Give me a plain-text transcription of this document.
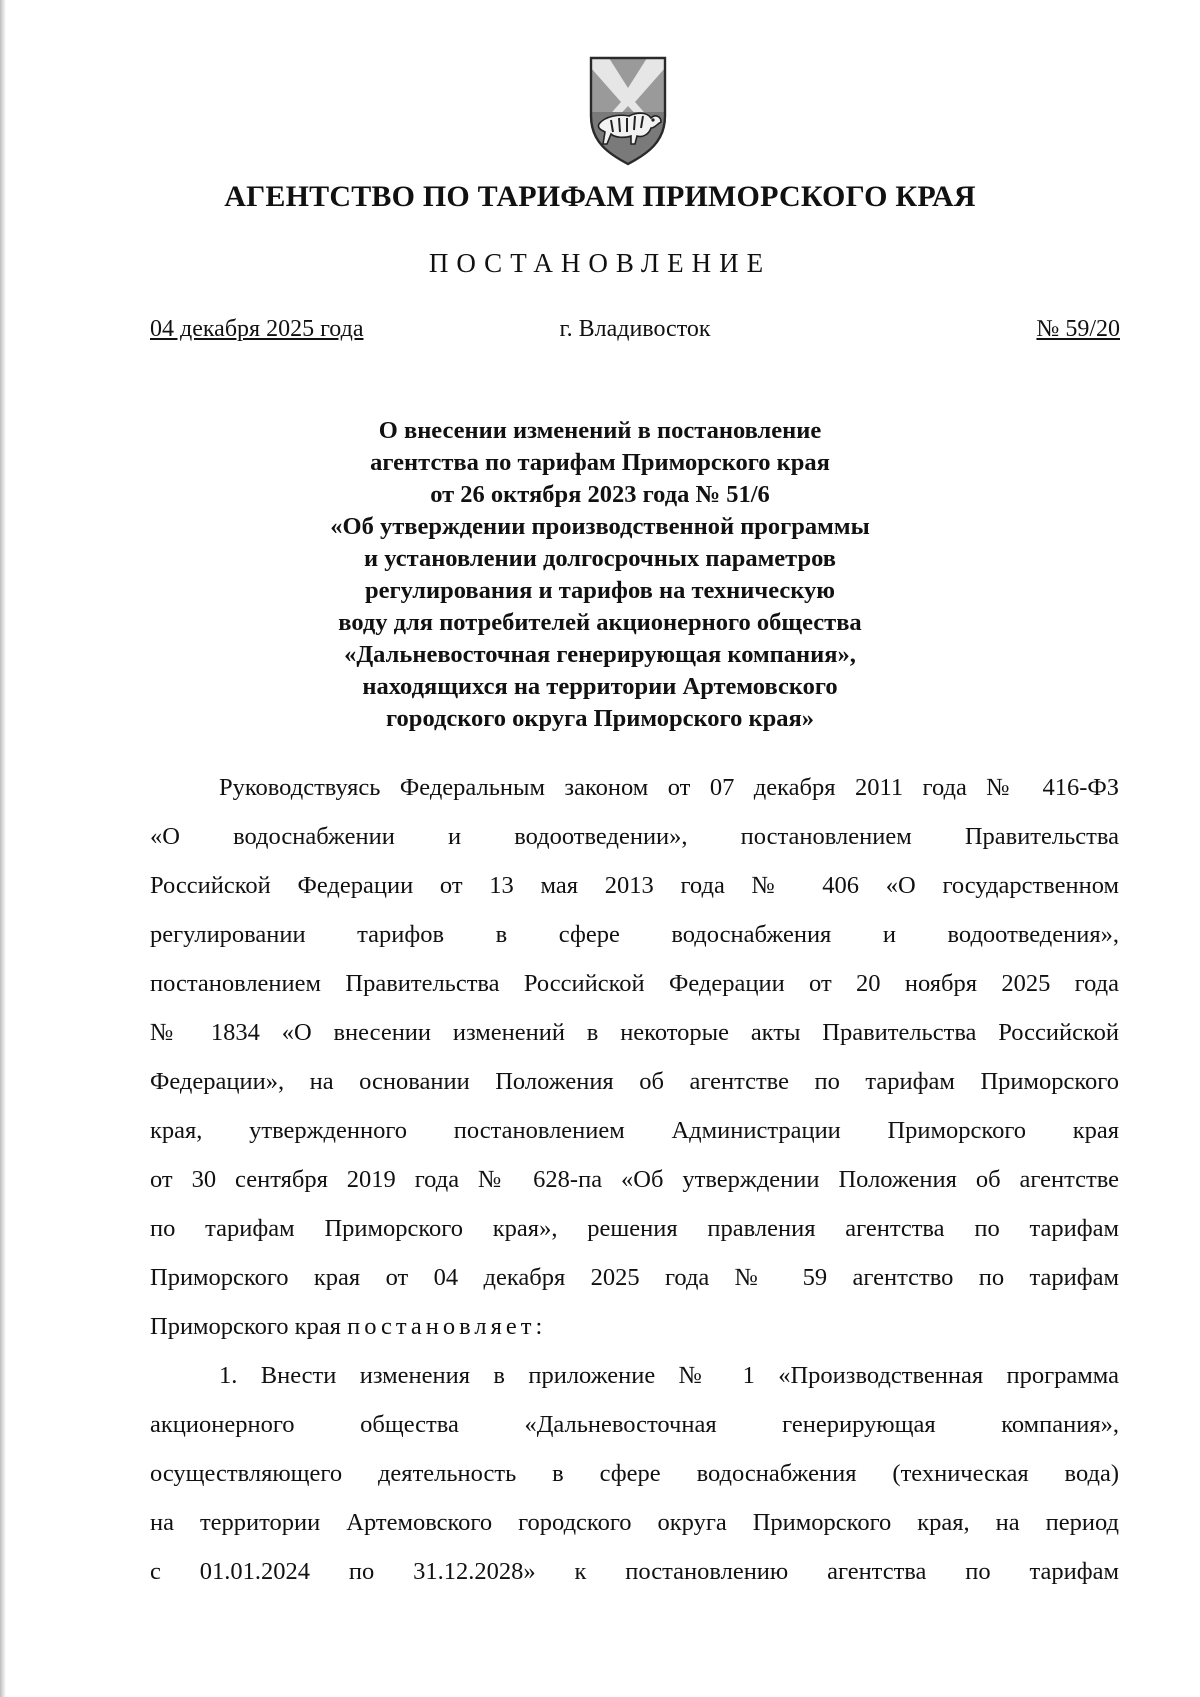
АГЕНТСТВО ПО ТАРИФАМ ПРИМОРСКОГО КРАЯ
ПОСТАНОВЛЕНИЕ
г. Владивосток
04 декабря 2025 года	№ 59/20
О внесении изменений в постановление
агентства по тарифам Приморского края
от 26 октября 2023 года № 51/6
«Об утверждении производственной программы
и установлении долгосрочных параметров
регулирования и тарифов на техническую
воду для потребителей акционерного общества
«Дальневосточная генерирующая компания»,
находящихся на территории Артемовского
городского округа Приморского края»
Руководствуясь Федеральным законом от 07 декабря 2011 года № 416-ФЗ
«О водоснабжении и водоотведении», постановлением Правительства
Российской Федерации от 13 мая 2013 года № 406 «О государственном
регулировании тарифов в сфере водоснабжения и водоотведения»,
постановлением Правительства Российской Федерации от 20 ноября 2025 года
№ 1834 «О внесении изменений в некоторые акты Правительства Российской
Федерации», на основании Положения об агентстве по тарифам Приморского
края, утвержденного постановлением Администрации Приморского края
от 30 сентября 2019 года № 628-па «Об утверждении Положения об агентстве
по тарифам Приморского края», решения правления агентства по тарифам
Приморского края от 04 декабря 2025 года № 59 агентство по тарифам
Приморского края постановляет:
1. Внести изменения в приложение № 1 «Производственная программа
акционерного общества «Дальневосточная генерирующая компания»,
осуществляющего деятельность в сфере водоснабжения (техническая вода)
на территории Артемовского городского округа Приморского края, на период
с 01.01.2024 по 31.12.2028» к постановлению агентства по тарифам
